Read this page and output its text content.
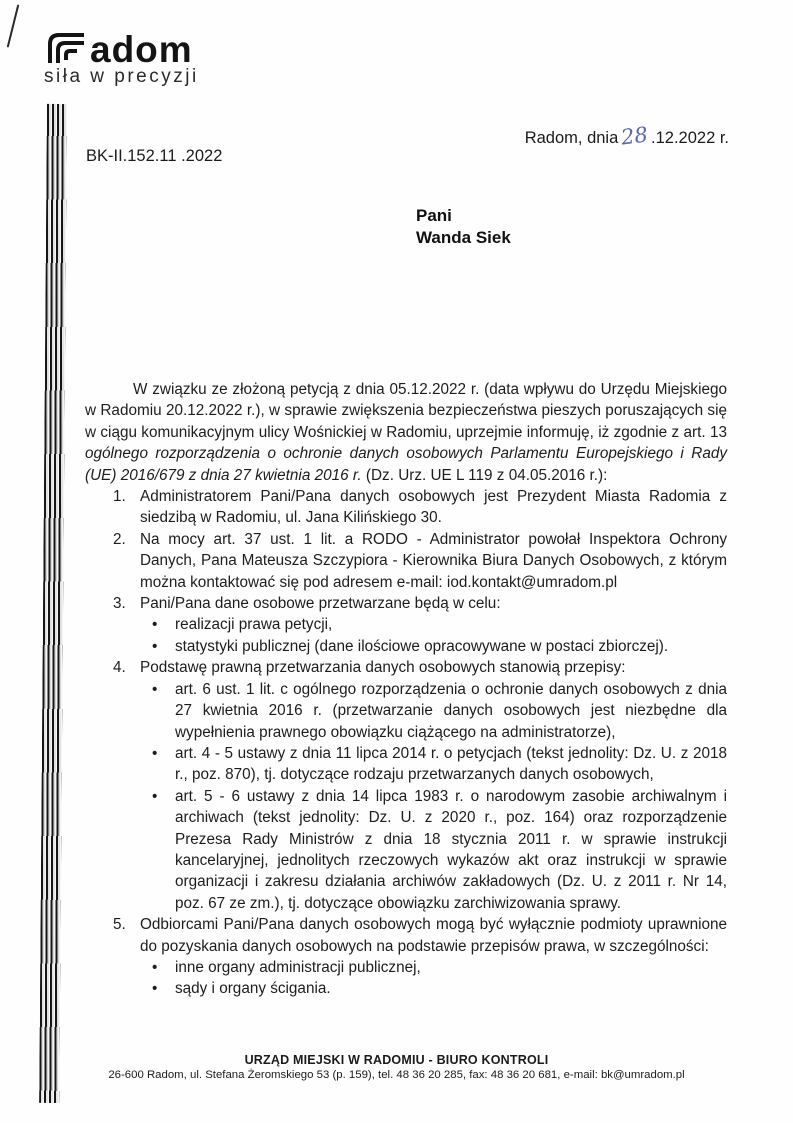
adom
siła w precyzji
Radom, dnia28.12.2022 r.
BK-II.152.11 .2022
Pani
Wanda Siek

W związku ze złożoną petycją z dnia 05.12.2022 r. (data wpływu do Urzędu Miejskiego w Radomiu 20.12.2022 r.), w sprawie zwiększenia bezpieczeństwa pieszych poruszających się w ciągu komunikacyjnym ulicy Wośnickiej w Radomiu, uprzejmie informuję, iż zgodnie z art. 13 ogólnego rozporządzenia o ochronie danych osobowych Parlamentu Europejskiego i Rady (UE) 2016/679 z dnia 27 kwietnia 2016 r. (Dz. Urz. UE L 119 z 04.05.2016 r.):

1. Administratorem Pani/Pana danych osobowych jest Prezydent Miasta Radomia z siedzibą w Radomiu, ul. Jana Kilińskiego 30.
2. Na mocy art. 37 ust. 1 lit. a RODO - Administrator powołał Inspektora Ochrony Danych, Pana Mateusza Szczypiora - Kierownika Biura Danych Osobowych, z którym można kontaktować się pod adresem e-mail: iod.kontakt@umradom.pl
3. Pani/Pana dane osobowe przetwarzane będą w celu:
• realizacji prawa petycji,
• statystyki publicznej (dane ilościowe opracowywane w postaci zbiorczej).
4. Podstawę prawną przetwarzania danych osobowych stanowią przepisy:
• art. 6 ust. 1 lit. c ogólnego rozporządzenia o ochronie danych osobowych z dnia 27 kwietnia 2016 r. (przetwarzanie danych osobowych jest niezbędne dla wypełnienia prawnego obowiązku ciążącego na administratorze),
• art. 4 - 5 ustawy z dnia 11 lipca 2014 r. o petycjach (tekst jednolity: Dz. U. z 2018 r., poz. 870), tj. dotyczące rodzaju przetwarzanych danych osobowych,
• art. 5 - 6 ustawy z dnia 14 lipca 1983 r. o narodowym zasobie archiwalnym i archiwach (tekst jednolity: Dz. U. z 2020 r., poz. 164) oraz rozporządzenie Prezesa Rady Ministrów z dnia 18 stycznia 2011 r. w sprawie instrukcji kancelaryjnej, jednolitych rzeczowych wykazów akt oraz instrukcji w sprawie organizacji i zakresu działania archiwów zakładowych (Dz. U. z 2011 r. Nr 14, poz. 67 ze zm.), tj. dotyczące obowiązku zarchiwizowania sprawy.
5. Odbiorcami Pani/Pana danych osobowych mogą być wyłącznie podmioty uprawnione do pozyskania danych osobowych na podstawie przepisów prawa, w szczególności:
• inne organy administracji publicznej,
• sądy i organy ścigania.
URZĄD MIEJSKI W RADOMIU - BIURO KONTROLI
26-600 Radom, ul. Stefana Żeromskiego 53 (p. 159), tel. 48 36 20 285, fax: 48 36 20 681, e-mail: bk@umradom.pl
